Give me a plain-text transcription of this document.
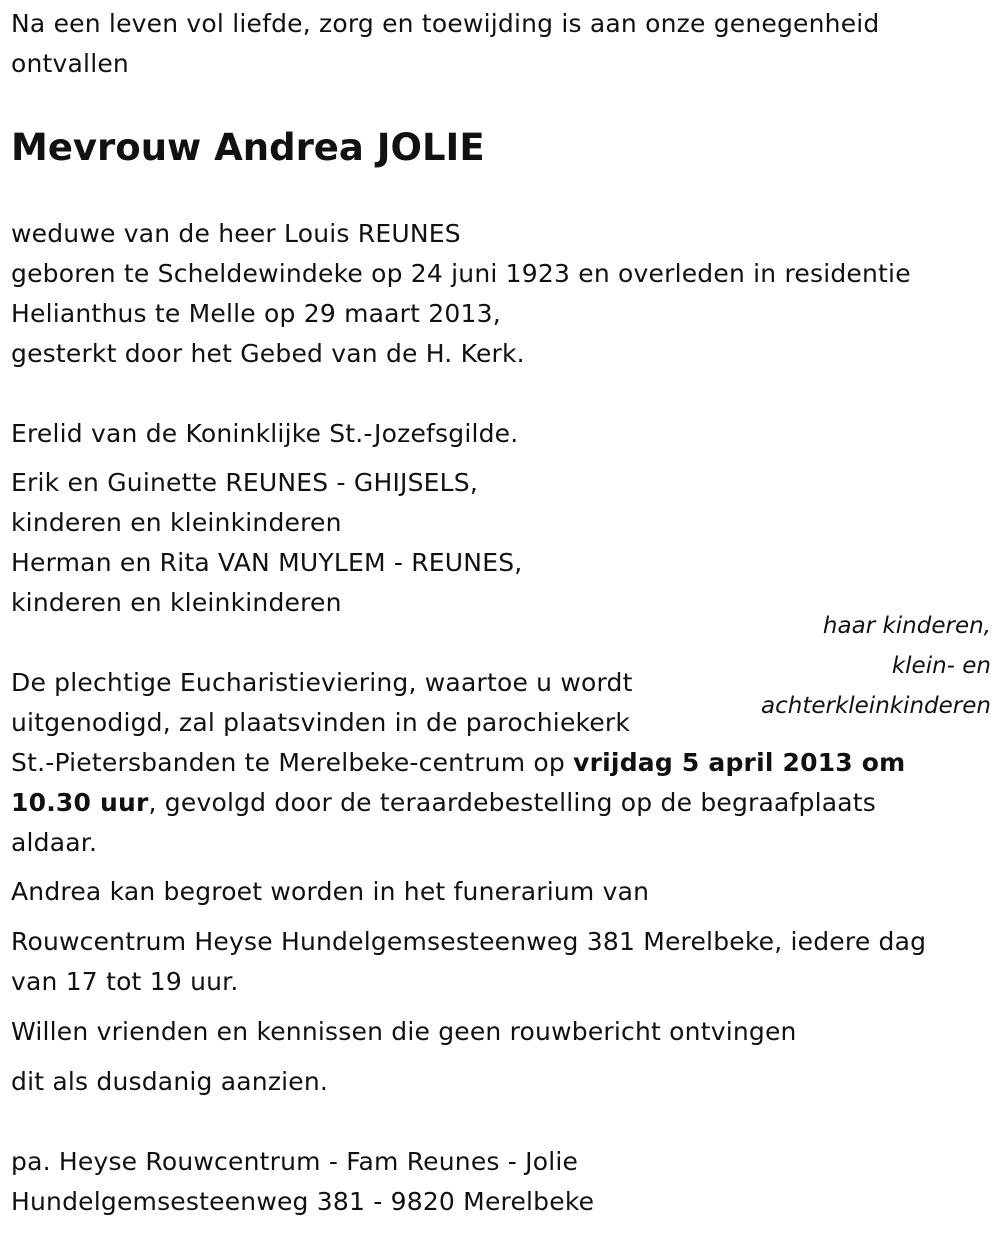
Na een leven vol liefde, zorg en toewijding is aan onze genegenheid
ontvallen
Mevrouw Andrea JOLIE
weduwe van de heer Louis REUNES
geboren te Scheldewindeke op 24 juni 1923 en overleden in residentie
Helianthus te Melle op 29 maart 2013,
gesterkt door het Gebed van de H. Kerk.
Erelid van de Koninklijke St.-Jozefsgilde.
Erik en Guinette REUNES - GHIJSELS,
kinderen en kleinkinderen
Herman en Rita VAN MUYLEM - REUNES,
kinderen en kleinkinderen
haar kinderen,
klein- en
achterkleinkinderen
De plechtige Eucharistieviering, waartoe u wordt
uitgenodigd, zal plaatsvinden in de parochiekerk
St.-Pietersbanden te Merelbeke-centrum op vrijdag 5 april 2013 om
10.30 uur, gevolgd door de teraardebestelling op de begraafplaats
aldaar.
Andrea kan begroet worden in het funerarium van
Rouwcentrum Heyse Hundelgemsesteenweg 381 Merelbeke, iedere dag
van 17 tot 19 uur.
Willen vrienden en kennissen die geen rouwbericht ontvingen
dit als dusdanig aanzien.
pa. Heyse Rouwcentrum - Fam Reunes - Jolie
Hundelgemsesteenweg 381 - 9820 Merelbeke
